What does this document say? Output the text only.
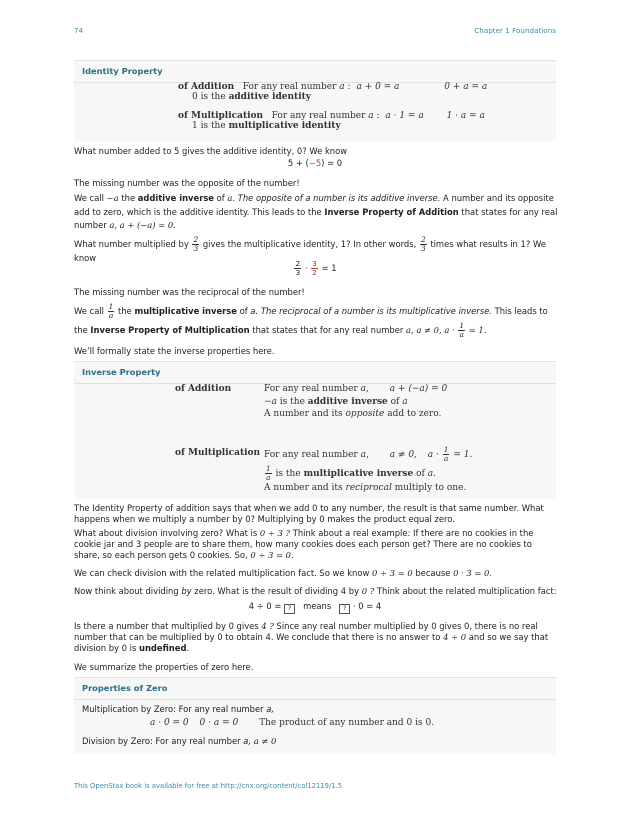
74	Chapter 1 Foundations
Identity Property
of Addition For any real number a : a + 0 = a	0 + a = a
0 is the additive identity
of Multiplication For any real number a : a · 1 = a	1 · a = a
1 is the multiplicative identity
What number added to 5 gives the additive identity, 0? We know
5 + (−5) = 0
The missing number was the opposite of the number!
We call −a the additive inverse of a. The opposite of a number is its additive inverse. A number and its opposite add to zero, which is the additive identity. This leads to the Inverse Property of Addition that states for any real number a, a + (−a) = 0.
What number multiplied by $\frac{2}{3}$ gives the multiplicative identity, 1? In other words, $\frac{2}{3}$ times what results in 1? We know
$\frac{2}{3} \cdot \frac{3}{2} = 1$
The missing number was the reciprocal of the number!
We call $\frac{1}{a}$ the multiplicative inverse of a. The reciprocal of a number is its multiplicative inverse. This leads to the Inverse Property of Multiplication that states that for any real number a, a ≠ 0, $a \cdot \frac{1}{a} = 1$.
We’ll formally state the inverse properties here.
Inverse Property
of Addition	For any real number a, a + (−a) = 0
−a is the additive inverse of a
A number and its opposite add to zero.
of Multiplication For any real number a, a ≠ 0, $a \cdot \frac{1}{a} = 1$.
$\frac{1}{a}$ is the multiplicative inverse of a.
A number and its reciprocal multiply to one.
The Identity Property of addition says that when we add 0 to any number, the result is that same number. What happens when we multiply a number by 0? Multiplying by 0 makes the product equal zero.
What about division involving zero? What is 0 ÷ 3 ? Think about a real example: If there are no cookies in the cookie jar and 3 people are to share them, how many cookies does each person get? There are no cookies to share, so each person gets 0 cookies. So, 0 ÷ 3 = 0.
We can check division with the related multiplication fact. So we know 0 ÷ 3 = 0 because 0 · 3 = 0.
Now think about dividing by zero. What is the result of dividing 4 by 0 ? Think about the related multiplication fact:
4 ÷ 0 = ? means ? · 0 = 4
Is there a number that multiplied by 0 gives 4 ? Since any real number multiplied by 0 gives 0, there is no real number that can be multiplied by 0 to obtain 4. We conclude that there is no answer to 4 ÷ 0 and so we say that division by 0 is undefined.
We summarize the properties of zero here.
Properties of Zero
Multiplication by Zero: For any real number a,
a · 0 = 0 0 · a = 0 The product of any number and 0 is 0.
Division by Zero: For any real number a, a ≠ 0
This OpenStax book is available for free at http://cnx.org/content/col12119/1.5
